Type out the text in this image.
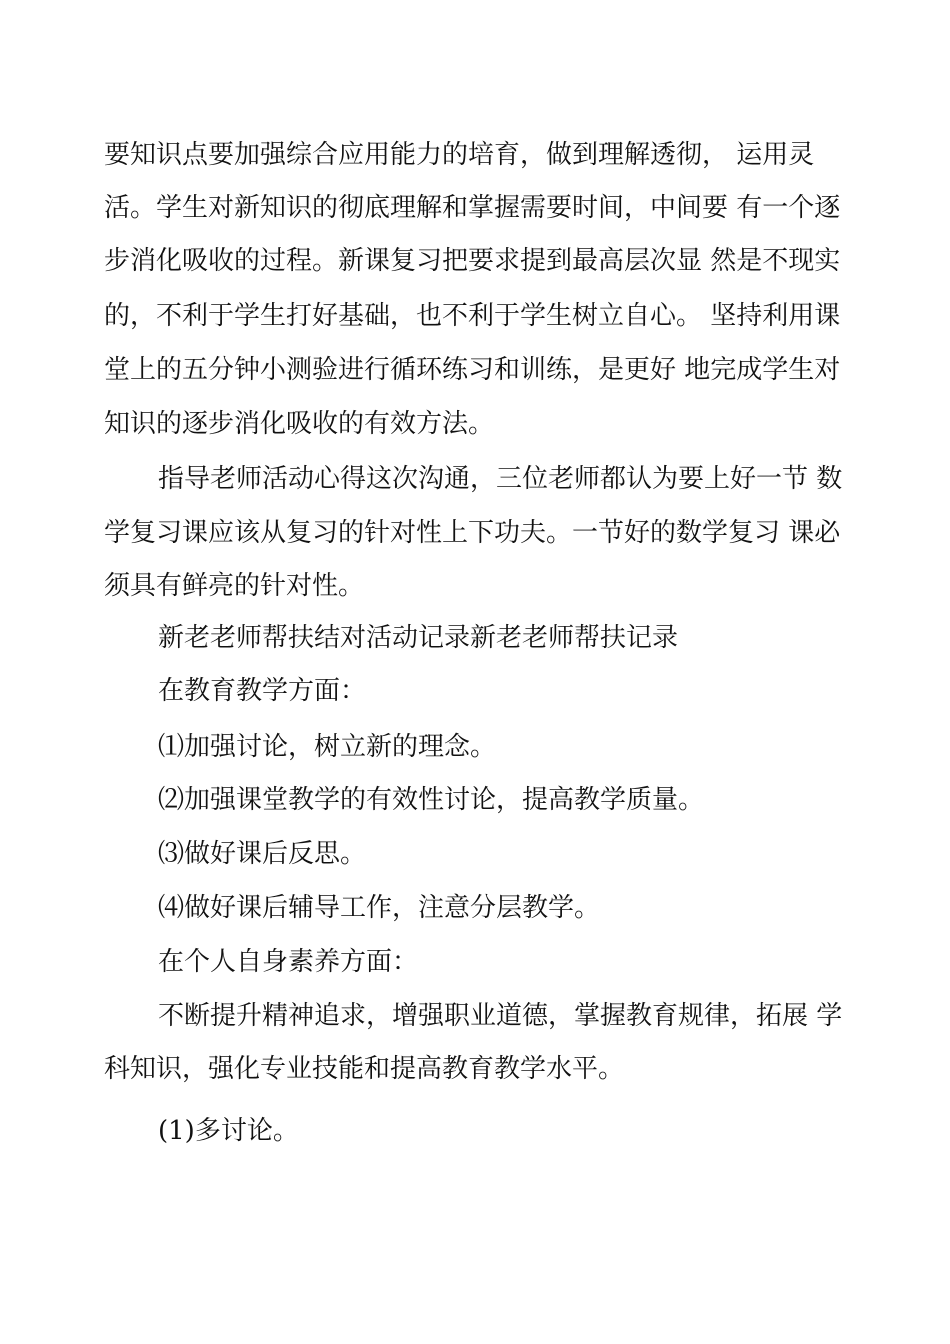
要知识点要加强综合应用能力的培育，做到理解透彻， 运用灵
活。学生对新知识的彻底理解和掌握需要时间，中间要 有一个逐
步消化吸收的过程。新课复习把要求提到最高层次显 然是不现实
的，不利于学生打好基础，也不利于学生树立自心。 坚持利用课
堂上的五分钟小测验进行循环练习和训练，是更好 地完成学生对
知识的逐步消化吸收的有效方法。
指导老师活动心得这次沟通，三位老师都认为要上好一节 数
学复习课应该从复习的针对性上下功夫。一节好的数学复习 课必
须具有鲜亮的针对性。
新老老师帮扶结对活动记录新老老师帮扶记录
在教育教学方面：
⑴加强讨论，树立新的理念。
⑵加强课堂教学的有效性讨论，提高教学质量。
⑶做好课后反思。
⑷做好课后辅导工作，注意分层教学。
在个人自身素养方面：
不断提升精神追求，增强职业道德，掌握教育规律，拓展 学
科知识，强化专业技能和提高教育教学水平。
(1)多讨论。
